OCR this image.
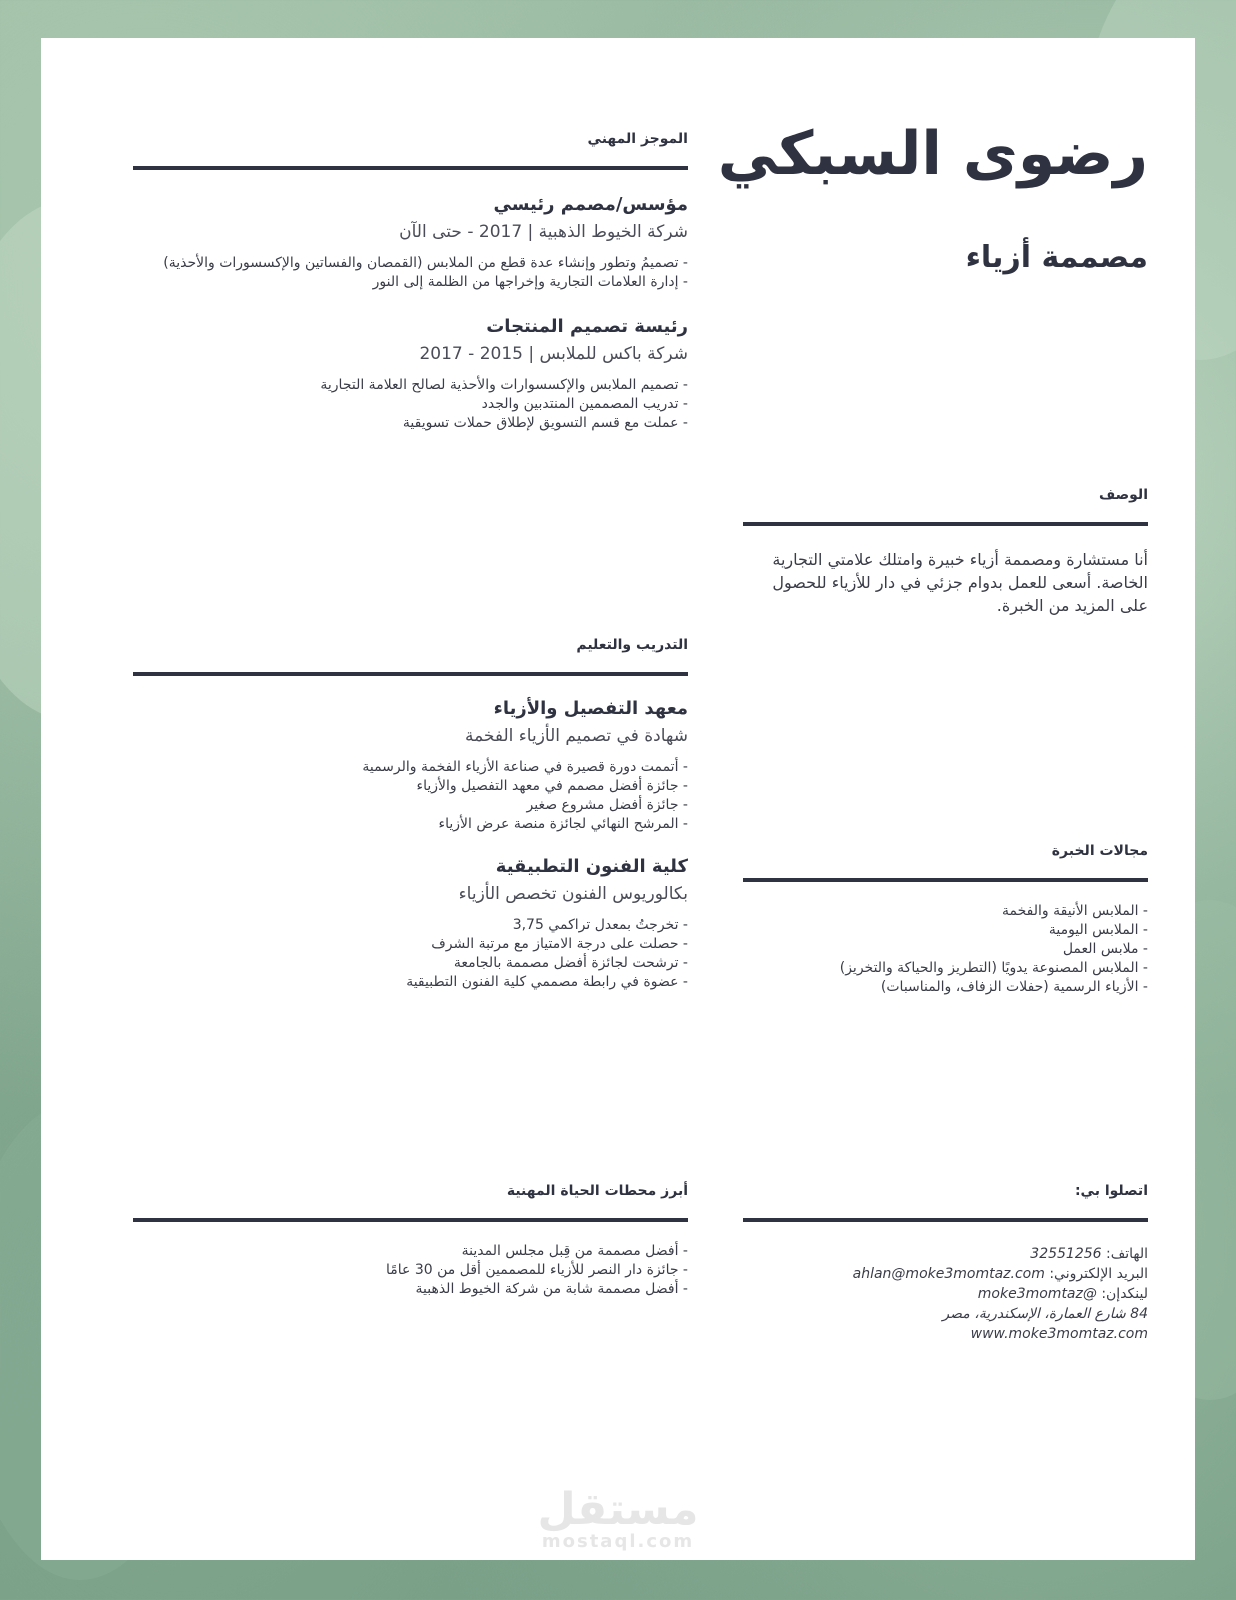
رضوى السبكي
مصممة أزياء
الموجز المهني

مؤسس/مصمم رئيسي

شركة الخيوط الذهبية | 2017 - حتى الآن

- تصميمُ وتطور وإنشاء عدة قطع من الملابس (القمصان والفساتين والإكسسورات والأحذية)
- إدارة العلامات التجارية وإخراجها من الظلمة إلى النور

رئيسة تصميم المنتجات

شركة باكس للملابس | 2015 - 2017

- تصميم الملابس والإكسسوارات والأحذية لصالح العلامة التجارية
- تدريب المصممين المنتدبين والجدد
- عملت مع قسم التسويق لإطلاق حملات تسويقية
التدريب والتعليم

معهد التفصيل والأزياء

شهادة في تصميم الأزياء الفخمة

- أتممت دورة قصيرة في صناعة الأزياء الفخمة والرسمية
- جائزة أفضل مصمم في معهد التفصيل والأزياء
- جائزة أفضل مشروع صغير
- المرشح النهائي لجائزة منصة عرض الأزياء

كلية الفنون التطبيقية

بكالوريوس الفنون تخصص الأزياء

- تخرجتُ بمعدل تراكمي 3,75
- حصلت على درجة الامتياز مع مرتبة الشرف
- ترشحت لجائزة أفضل مصممة بالجامعة
- عضوة في رابطة مصممي كلية الفنون التطبيقية
أبرز محطات الحياة المهنية
- أفضل مصممة من قِبل مجلس المدينة
- جائزة دار النصر للأزياء للمصممين أقل من 30 عامًا
- أفضل مصممة شابة من شركة الخيوط الذهبية
الوصف

أنا مستشارة ومصممة أزياء خبيرة وامتلك علامتي التجارية الخاصة. أسعى للعمل بدوام جزئي في دار للأزياء للحصول على المزيد من الخبرة.

مجالات الخبرة
- الملابس الأنيقة والفخمة
- الملابس اليومية
- ملابس العمل
- الملابس المصنوعة يدويًا (التطريز والحياكة والتخريز)
- الأزياء الرسمية (حفلات الزفاف، والمناسبات)
اتصلوا بي:

الهاتف: 32551256

البريد الإلكتروني: ahlan@moke3momtaz.com

لينكدإن: @moke3momtaz

84 شارع العمارة، الإسكندرية، مصر

www.moke3momtaz.com

مستقل
mostaql.com
